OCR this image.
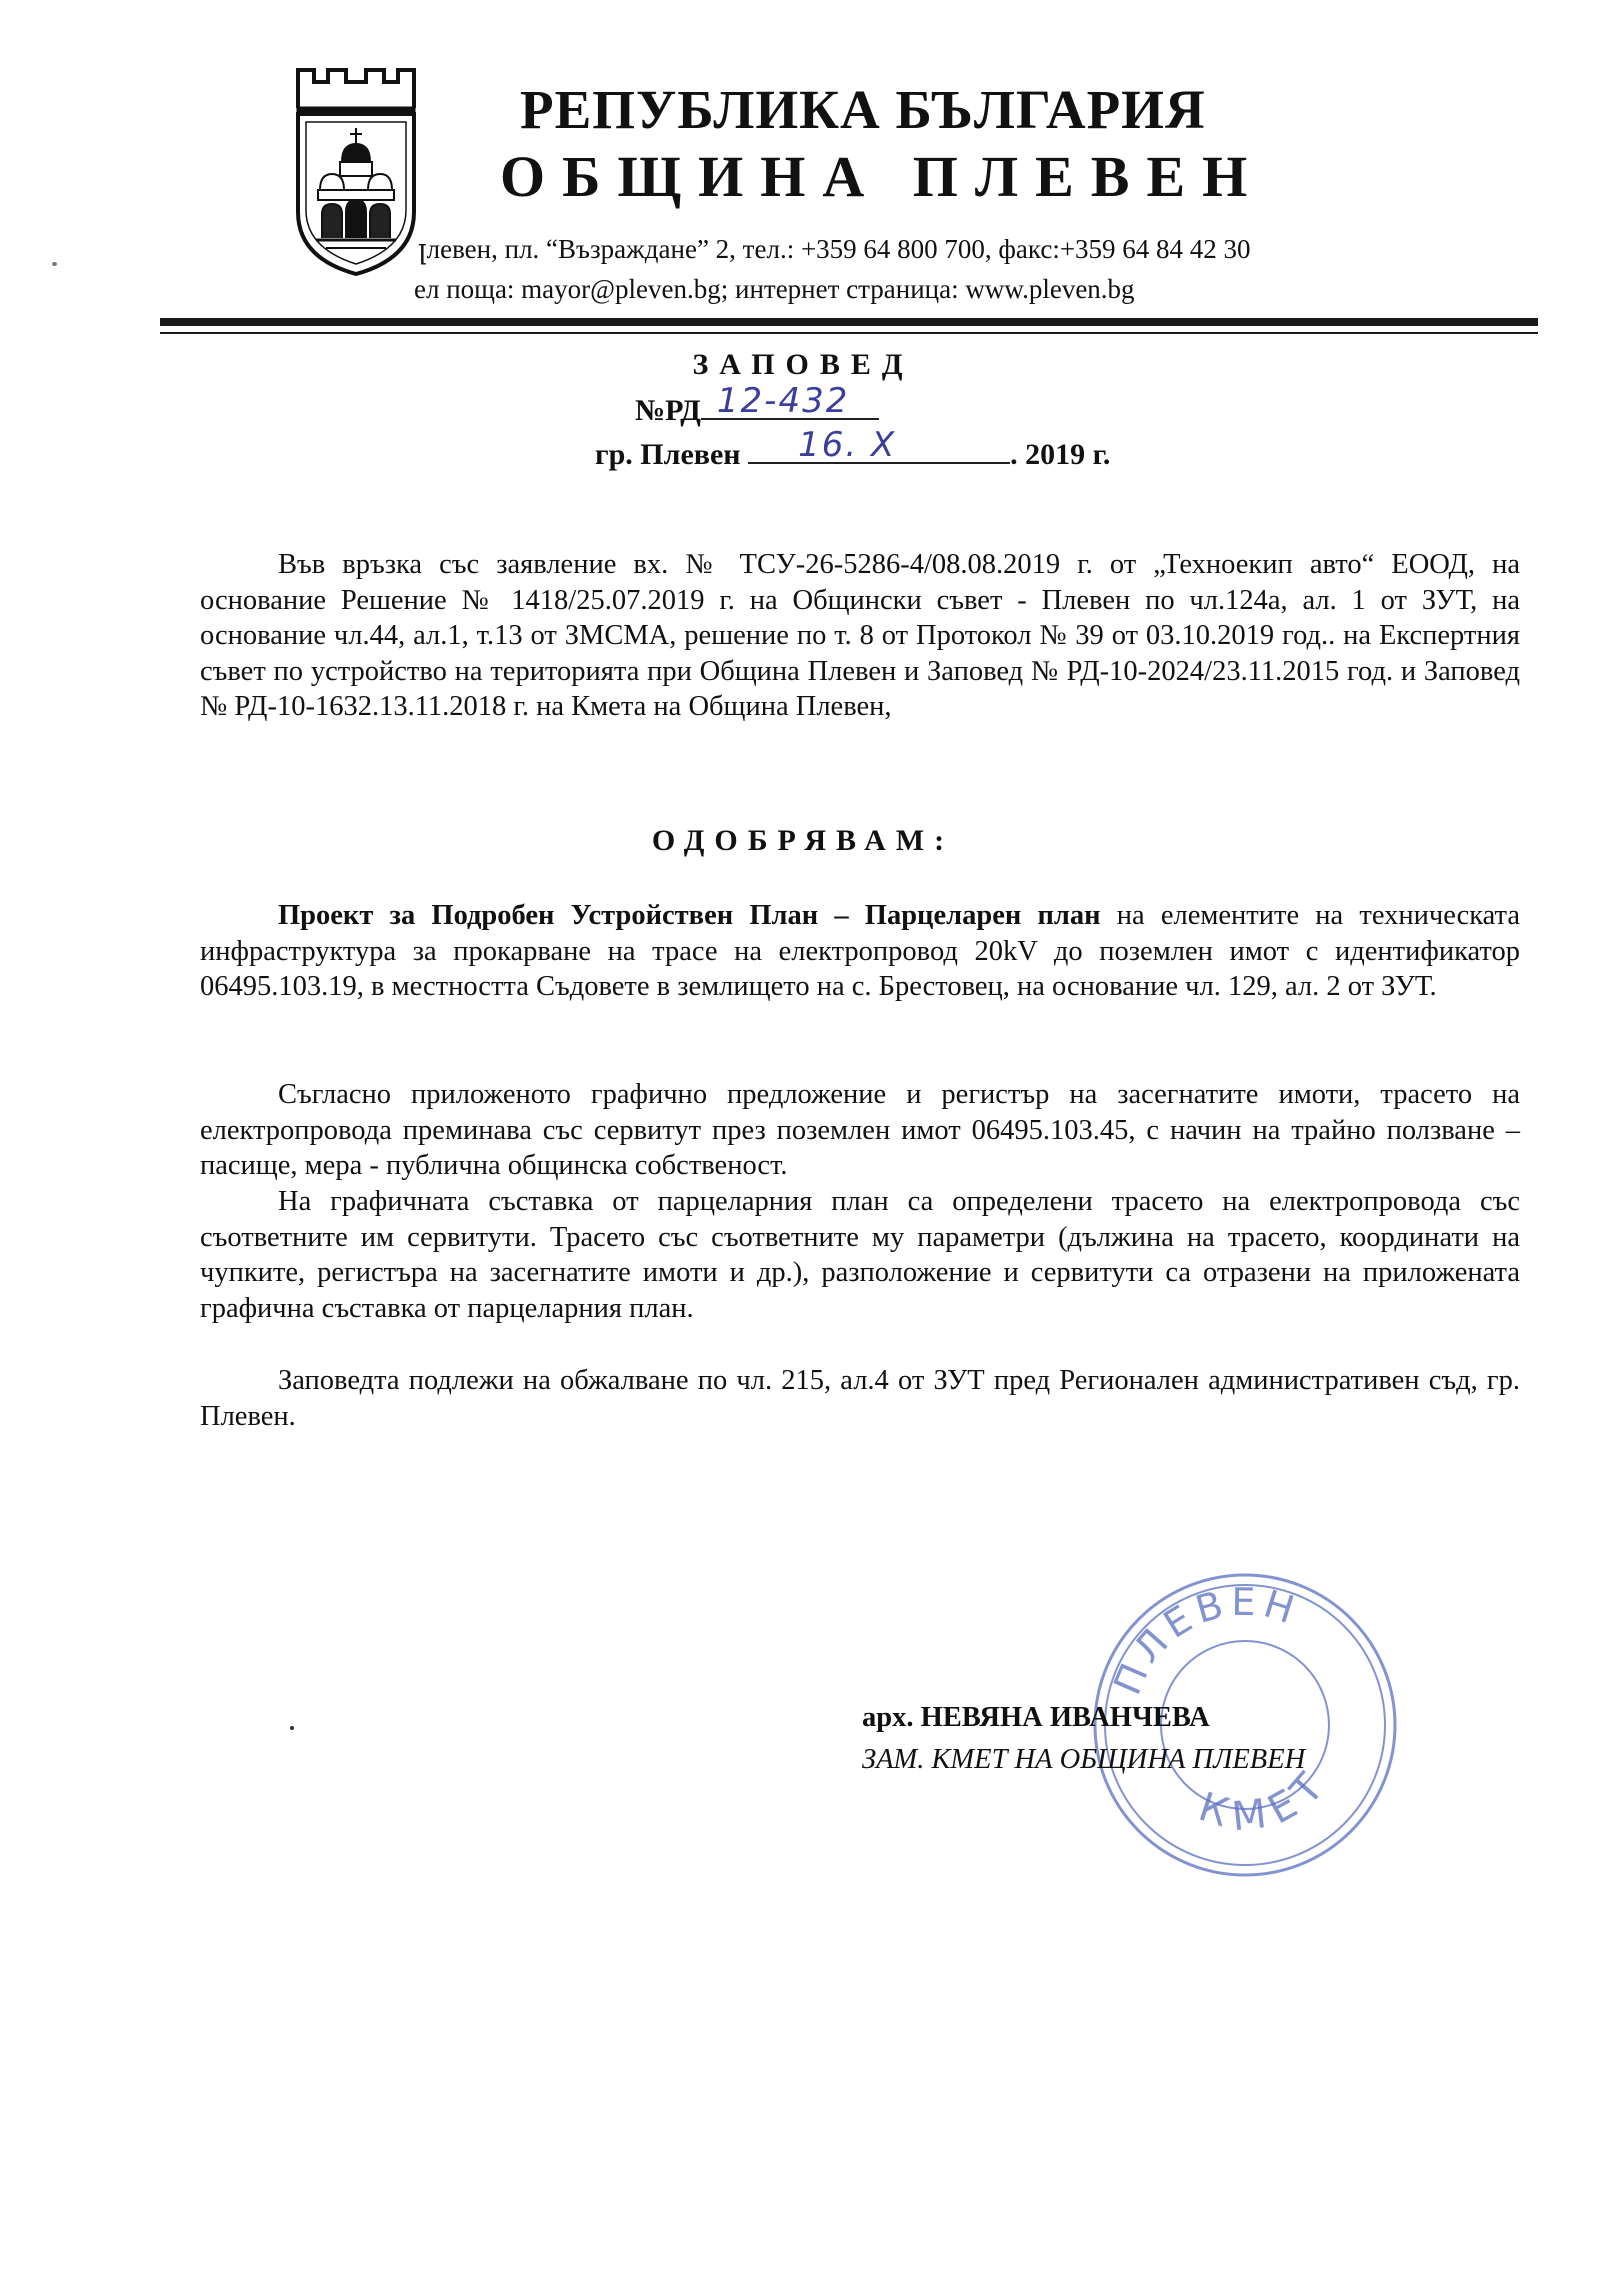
РЕПУБЛИКА БЪЛГАРИЯ
ОБЩИНА ПЛЕВЕН
ꞁлевен, пл. “Възраждане” 2, тел.: +359 64 800 700, факс:+359 64 84 42 30
ел поща: mayor@pleven.bg; интернет страница: www.pleven.bg
ЗАПОВЕД
№РД 12-432
гр. Плевен 16. X	. 2019 г.
Във връзка със заявление вх. № ТСУ-26-5286-4/08.08.2019 г. от „Техноекип авто“ ЕООД, на основание Решение № 1418/25.07.2019 г. на Общински съвет - Плевен по чл.124а, ал. 1 от ЗУТ, на основание чл.44, ал.1, т.13 от ЗМСМА, решение по т. 8 от Протокол № 39 от 03.10.2019 год.. на Експертния съвет по устройство на територията при Община Плевен и Заповед № РД-10-2024/23.11.2015 год. и Заповед № РД-10-1632.13.11.2018 г. на Кмета на Община Плевен,
ОДОБРЯВАМ:
Проект за Подробен Устройствен План – Парцеларен план на елементите на техническата инфраструктура за прокарване на трасе на електропровод 20kV до поземлен имот с идентификатор 06495.103.19, в местността Съдовете в землището на с. Брестовец, на основание чл. 129, ал. 2 от ЗУТ.
Съгласно приложеното графично предложение и регистър на засегнатите имоти, трасето на електропровода преминава със сервитут през поземлен имот 06495.103.45, с начин на трайно ползване – пасище, мера - публична общинска собственост.
На графичната съставка от парцеларния план са определени трасето на електропровода със съответните им сервитути. Трасето със съответните му параметри (дължина на трасето, координати на чупките, регистъра на засегнатите имоти и др.), разположение и сервитути са отразени на приложената графична съставка от парцеларния план.
Заповедта подлежи на обжалване по чл. 215, ал.4 от ЗУТ пред Регионален административен съд, гр. Плевен.
ПЛЕВЕН
КМЕТ
арх. НЕВЯНА ИВАНЧЕВА
ЗАМ. КМЕТ НА ОБЩИНА ПЛЕВЕН
